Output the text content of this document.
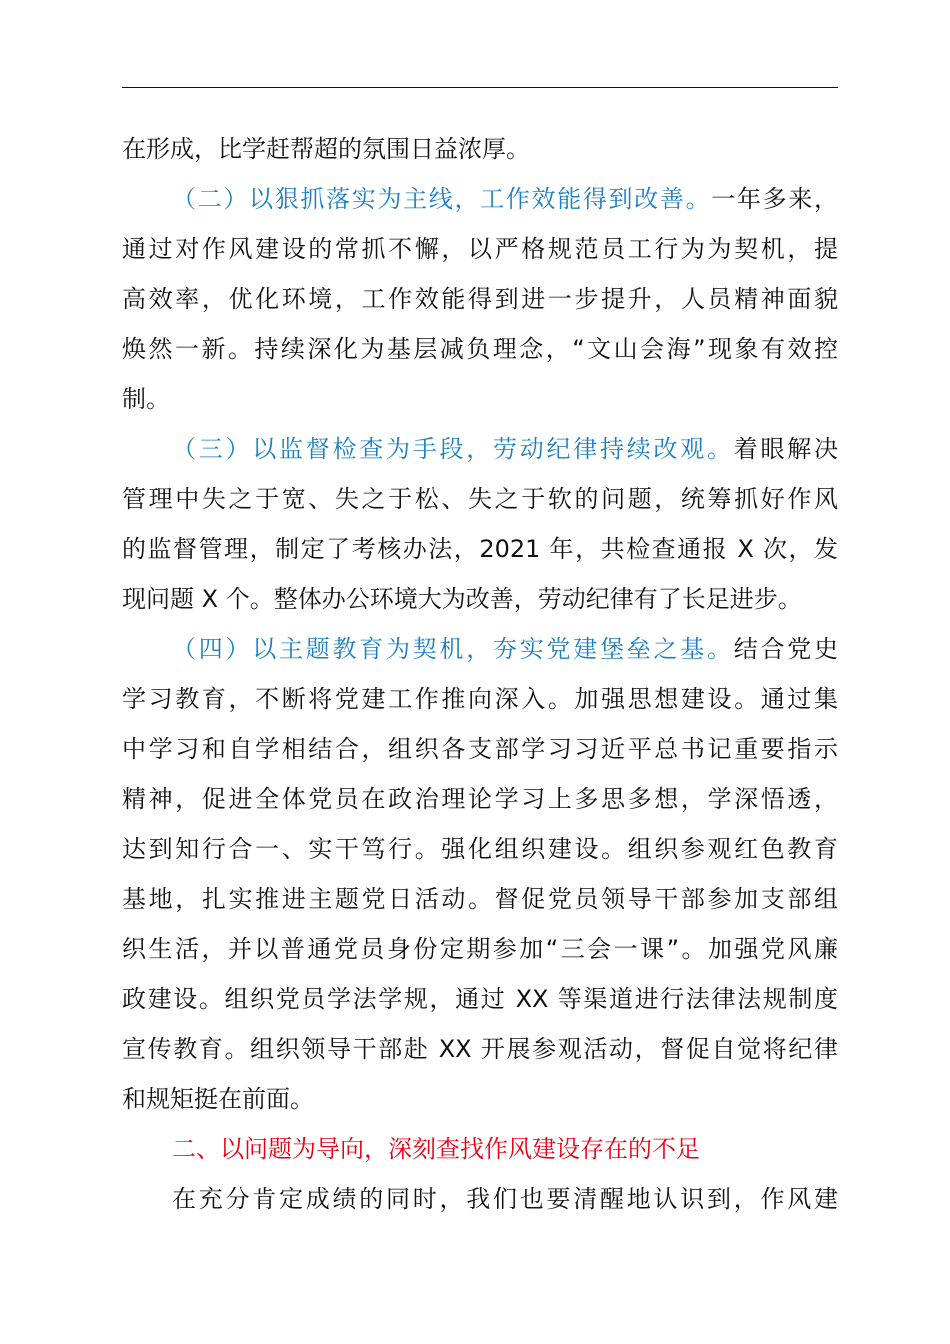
在形成，比学赶帮超的氛围日益浓厚。
（二）以狠抓落实为主线，工作效能得到改善。一年多来，
通过对作风建设的常抓不懈，以严格规范员工行为为契机，提
高效率，优化环境，工作效能得到进一步提升，人员精神面貌
焕然一新。持续深化为基层减负理念，“文山会海”现象有效控
制。
（三）以监督检查为手段，劳动纪律持续改观。着眼解决
管理中失之于宽、失之于松、失之于软的问题，统筹抓好作风
的监督管理，制定了考核办法，2021 年，共检查通报 X 次，发
现问题 X 个。整体办公环境大为改善，劳动纪律有了长足进步。
（四）以主题教育为契机，夯实党建堡垒之基。结合党史
学习教育，不断将党建工作推向深入。加强思想建设。通过集
中学习和自学相结合，组织各支部学习习近平总书记重要指示
精神，促进全体党员在政治理论学习上多思多想，学深悟透，
达到知行合一、实干笃行。强化组织建设。组织参观红色教育
基地，扎实推进主题党日活动。督促党员领导干部参加支部组
织生活，并以普通党员身份定期参加“三会一课”。加强党风廉
政建设。组织党员学法学规，通过 XX 等渠道进行法律法规制度
宣传教育。组织领导干部赴 XX 开展参观活动，督促自觉将纪律
和规矩挺在前面。
二、以问题为导向，深刻查找作风建设存在的不足
在充分肯定成绩的同时，我们也要清醒地认识到，作风建
